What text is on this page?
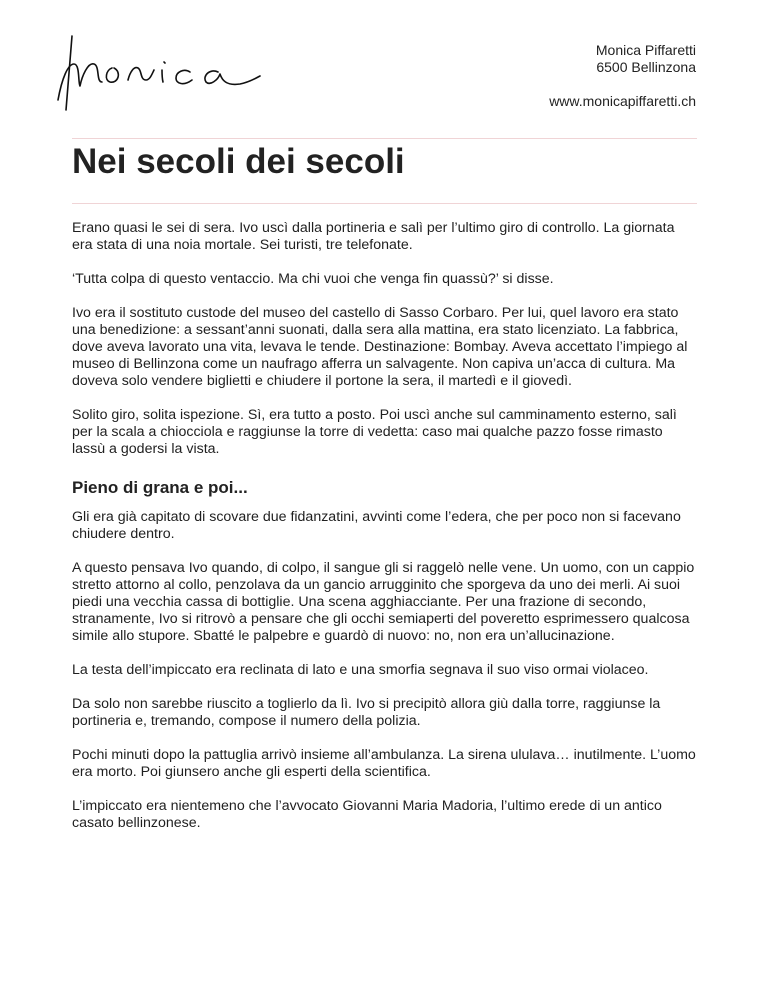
Monica Piffaretti
6500 Bellinzona
www.monicapiffaretti.ch
Nei secoli dei secoli

Erano quasi le sei di sera. Ivo uscì dalla portineria e salì per l’ultimo giro di controllo. La giornata era stata di una noia mortale. Sei turisti, tre telefonate.

‘Tutta colpa di questo ventaccio. Ma chi vuoi che venga fin quassù?’ si disse.

Ivo era il sostituto custode del museo del castello di Sasso Corbaro. Per lui, quel lavoro era stato una benedizione: a sessant’anni suonati, dalla sera alla mattina, era stato licenziato. La fabbrica, dove aveva lavorato una vita, levava le tende. Destinazione: Bombay. Aveva accettato l’impiego al museo di Bellinzona come un naufrago afferra un salvagente. Non capiva un’acca di cultura. Ma doveva solo vendere biglietti e chiudere il portone la sera, il martedì e il giovedì.

Solito giro, solita ispezione. Sì, era tutto a posto. Poi uscì anche sul camminamento esterno, salì per la scala a chiocciola e raggiunse la torre di vedetta: caso mai qualche pazzo fosse rimasto lassù a godersi la vista.

Pieno di grana e poi...

Gli era già capitato di scovare due fidanzatini, avvinti come l’edera, che per poco non si facevano chiudere dentro.

A questo pensava Ivo quando, di colpo, il sangue gli si raggelò nelle vene. Un uomo, con un cappio stretto attorno al collo, penzolava da un gancio arrugginito che sporgeva da uno dei merli. Ai suoi piedi una vecchia cassa di bottiglie. Una scena agghiacciante. Per una frazione di secondo, stranamente, Ivo si ritrovò a pensare che gli occhi semiaperti del poveretto esprimessero qualcosa simile allo stupore. Sbatté le palpebre e guardò di nuovo: no, non era un’allucinazione.

La testa dell’impiccato era reclinata di lato e una smorfia segnava il suo viso ormai violaceo.

Da solo non sarebbe riuscito a toglierlo da lì. Ivo si precipitò allora giù dalla torre, raggiunse la portineria e, tremando, compose il numero della polizia.

Pochi minuti dopo la pattuglia arrivò insieme all’ambulanza. La sirena ululava… inutilmente. L’uomo era morto. Poi giunsero anche gli esperti della scientifica.

L’impiccato era nientemeno che l’avvocato Giovanni Maria Madoria, l’ultimo erede di un antico casato bellinzonese.
